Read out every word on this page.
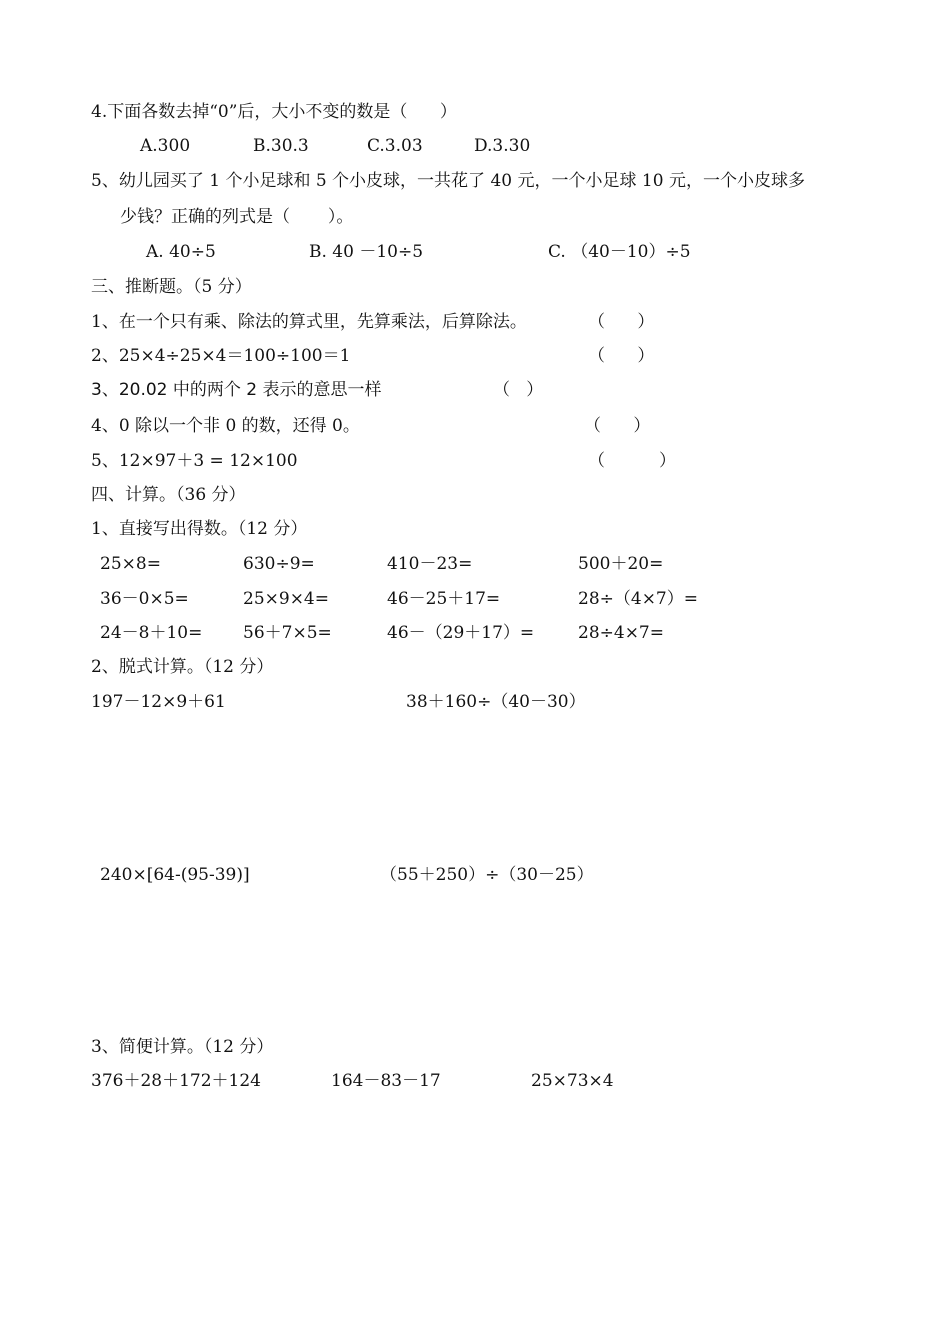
4.下面各数去掉“0”后，大小不变的数是（      ）
A.300	B.30.3	C.3.03	D.3.30
5、幼儿园买了 1 个小足球和 5 个小皮球，一共花了 40 元，一个小足球 10 元，一个小皮球多
少钱？正确的列式是（       ）。
A. 40÷5	B. 40 －10÷5	C. （40－10）÷5
三、推断题。（5 分）
1、在一个只有乘、除法的算式里，先算乘法，后算除法。	（      ）
2、25×4÷25×4＝100÷100＝1	（      ）
3、20.02 中的两个 2 表示的意思一样	（   ）
4、0 除以一个非 0 的数，还得 0。	（      ）
5、12×97＋3 = 12×100	（          ）
四、计算。（36 分）
1、直接写出得数。（12 分）
25×8=	630÷9=	410－23=	500＋20=
36－0×5=	25×9×4=	46－25＋17=	28÷（4×7）=
24－8＋10= 56＋7×5=	46－（29＋17）=	28÷4×7=
2、脱式计算。（12 分）
197－12×9＋61	38＋160÷（40－30）
240×[64-(95-39)]	（55＋250）÷（30－25）
3、简便计算。（12 分）
376＋28＋172＋124	164－83－17	25×73×4
